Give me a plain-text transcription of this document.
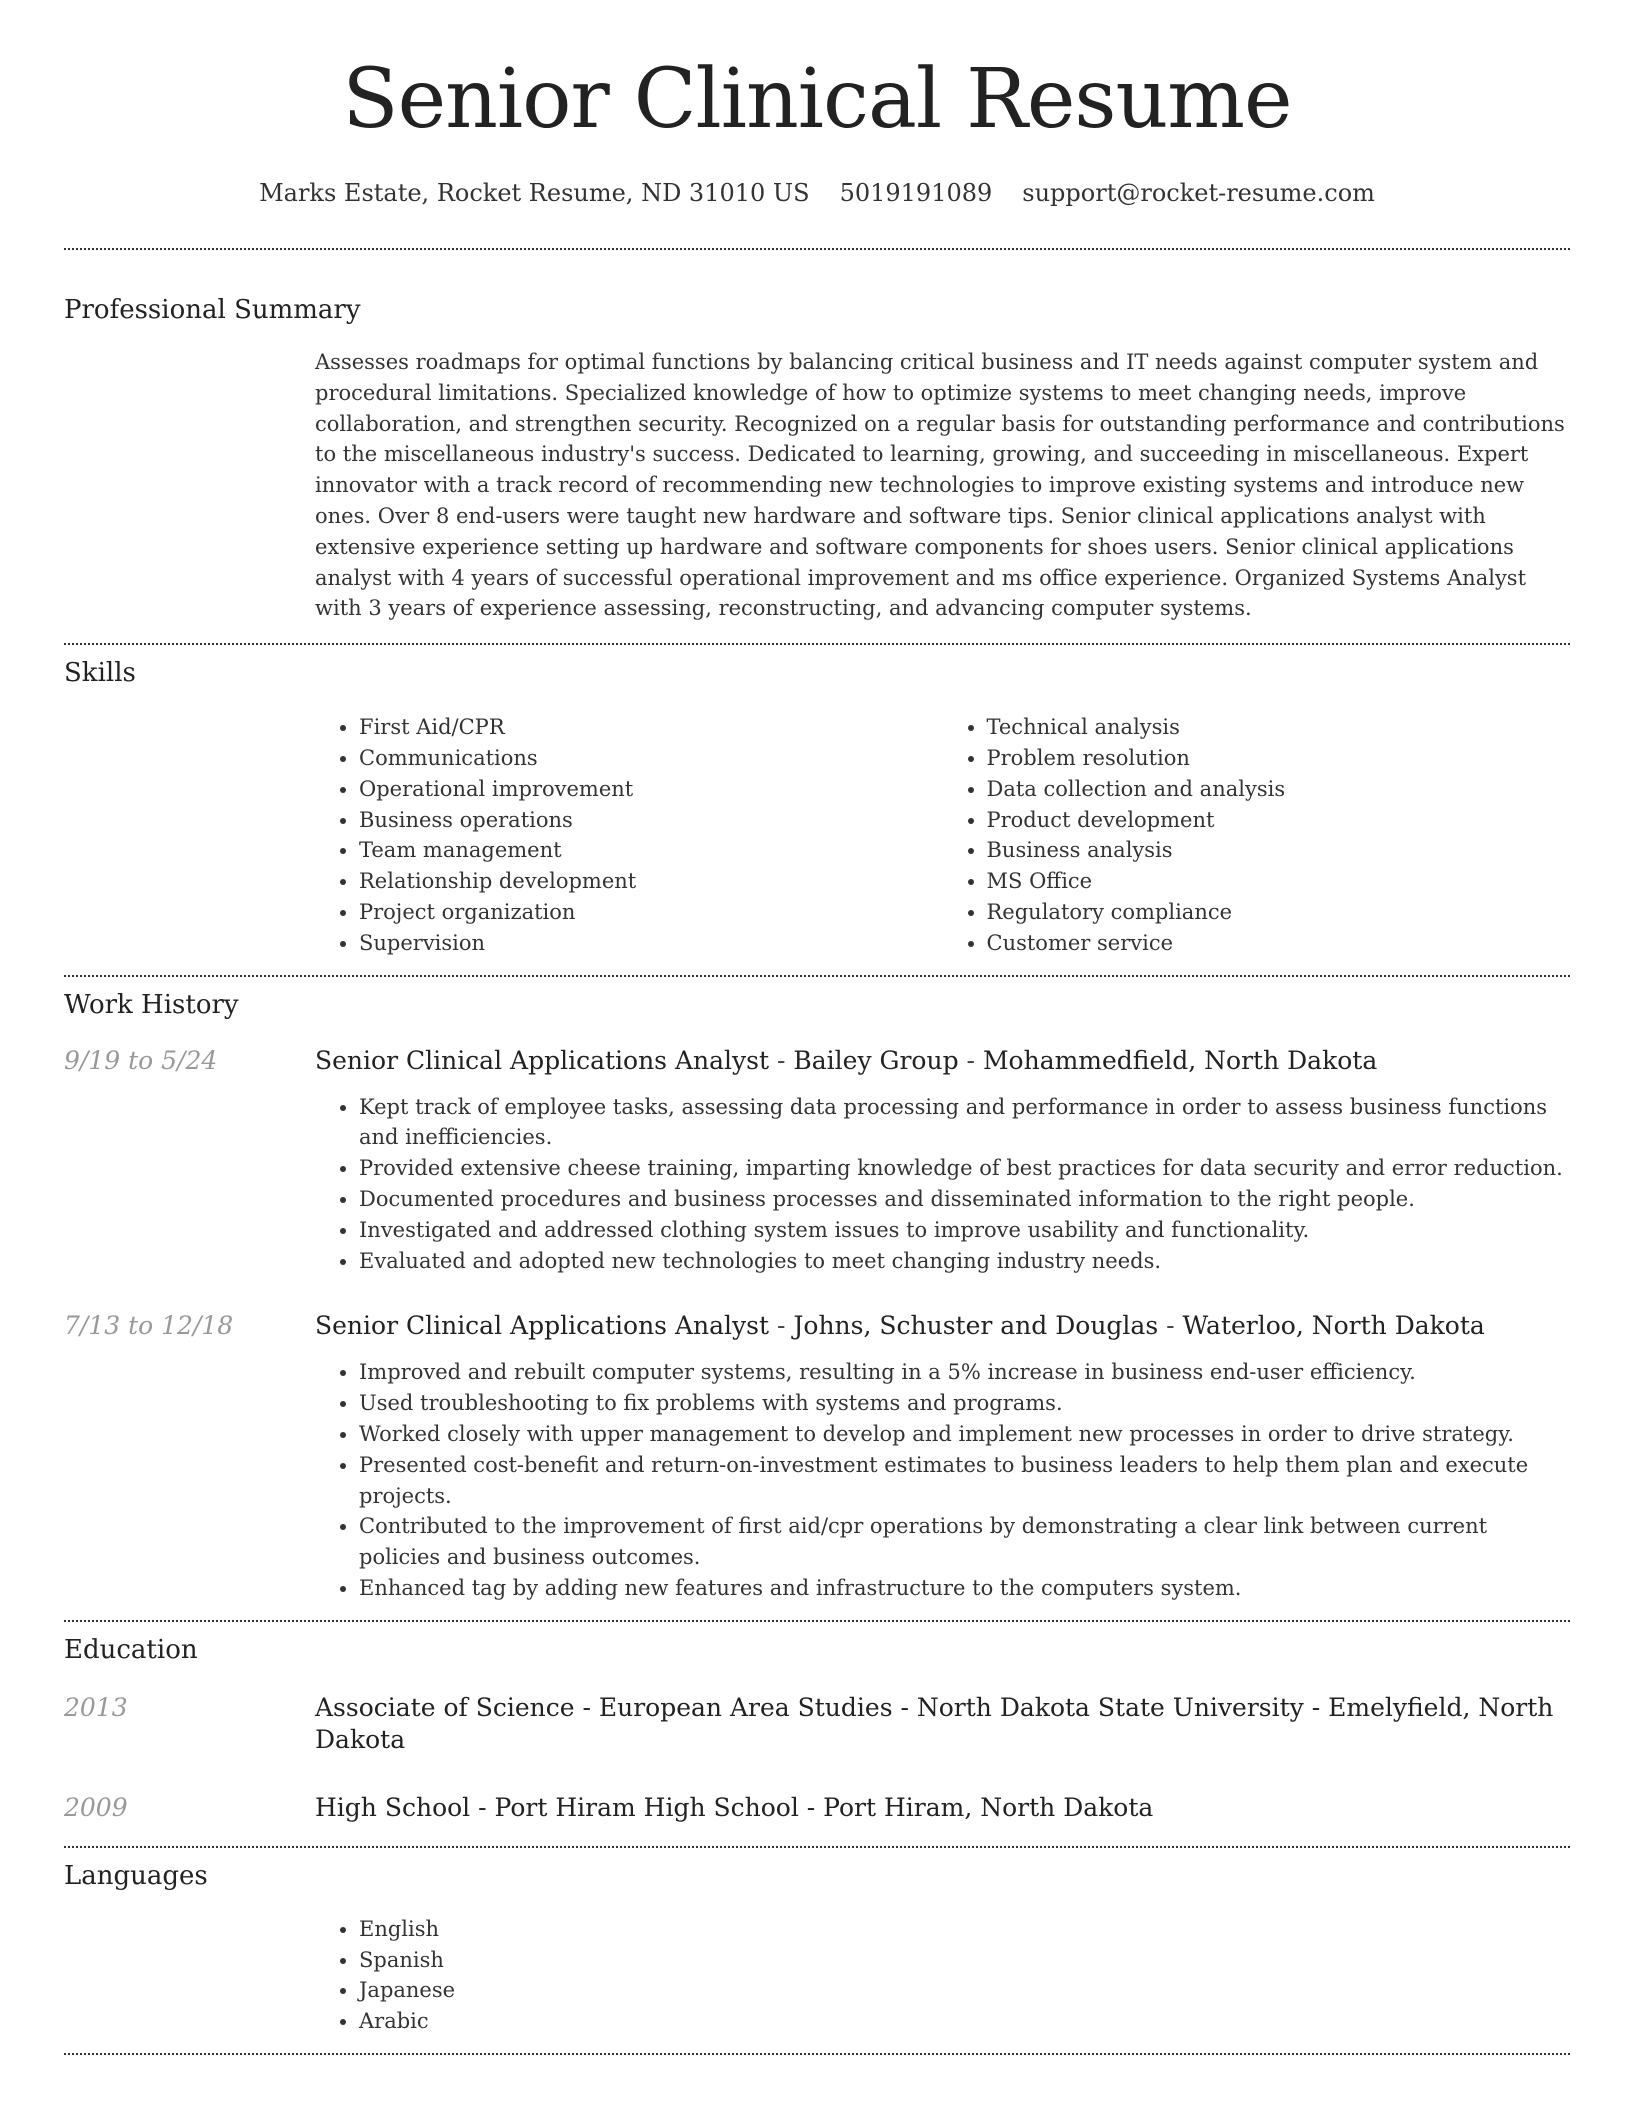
Senior Clinical Resume
Marks Estate, Rocket Resume, ND 31010 US 5019191089 support@rocket-resume.com
Professional Summary

Assesses roadmaps for optimal functions by balancing critical business and IT needs against computer system and procedural limitations. Specialized knowledge of how to optimize systems to meet changing needs, improve collaboration, and strengthen security. Recognized on a regular basis for outstanding performance and contributions to the miscellaneous industry's success. Dedicated to learning, growing, and succeeding in miscellaneous. Expert innovator with a track record of recommending new technologies to improve existing systems and introduce new ones. Over 8 end-users were taught new hardware and software tips. Senior clinical applications analyst with extensive experience setting up hardware and software components for shoes users. Senior clinical applications analyst with 4 years of successful operational improvement and ms office experience. Organized Systems Analyst with 3 years of experience assessing, reconstructing, and advancing computer systems.

Skills
• First Aid/CPR
• Communications
• Operational improvement
• Business operations
• Team management
• Relationship development
• Project organization
• Supervision
• Technical analysis
• Problem resolution
• Data collection and analysis
• Product development
• Business analysis
• MS Office
• Regulatory compliance
• Customer service
Work History
9/19 to 5/24	Senior Clinical Applications Analyst - Bailey Group - Mohammedfield, North Dakota
• Kept track of employee tasks, assessing data processing and performance in order to assess business functions and inefficiencies.
• Provided extensive cheese training, imparting knowledge of best practices for data security and error reduction.
• Documented procedures and business processes and disseminated information to the right people.
• Investigated and addressed clothing system issues to improve usability and functionality.
• Evaluated and adopted new technologies to meet changing industry needs.
7/13 to 12/18	Senior Clinical Applications Analyst - Johns, Schuster and Douglas - Waterloo, North Dakota
• Improved and rebuilt computer systems, resulting in a 5% increase in business end-user efficiency.
• Used troubleshooting to fix problems with systems and programs.
• Worked closely with upper management to develop and implement new processes in order to drive strategy.
• Presented cost-benefit and return-on-investment estimates to business leaders to help them plan and execute projects.
• Contributed to the improvement of first aid/cpr operations by demonstrating a clear link between current policies and business outcomes.
• Enhanced tag by adding new features and infrastructure to the computers system.
Education
2013	Associate of Science - European Area Studies - North Dakota State University - Emelyfield, North Dakota
2009	High School - Port Hiram High School - Port Hiram, North Dakota
Languages
• English
• Spanish
• Japanese
• Arabic
